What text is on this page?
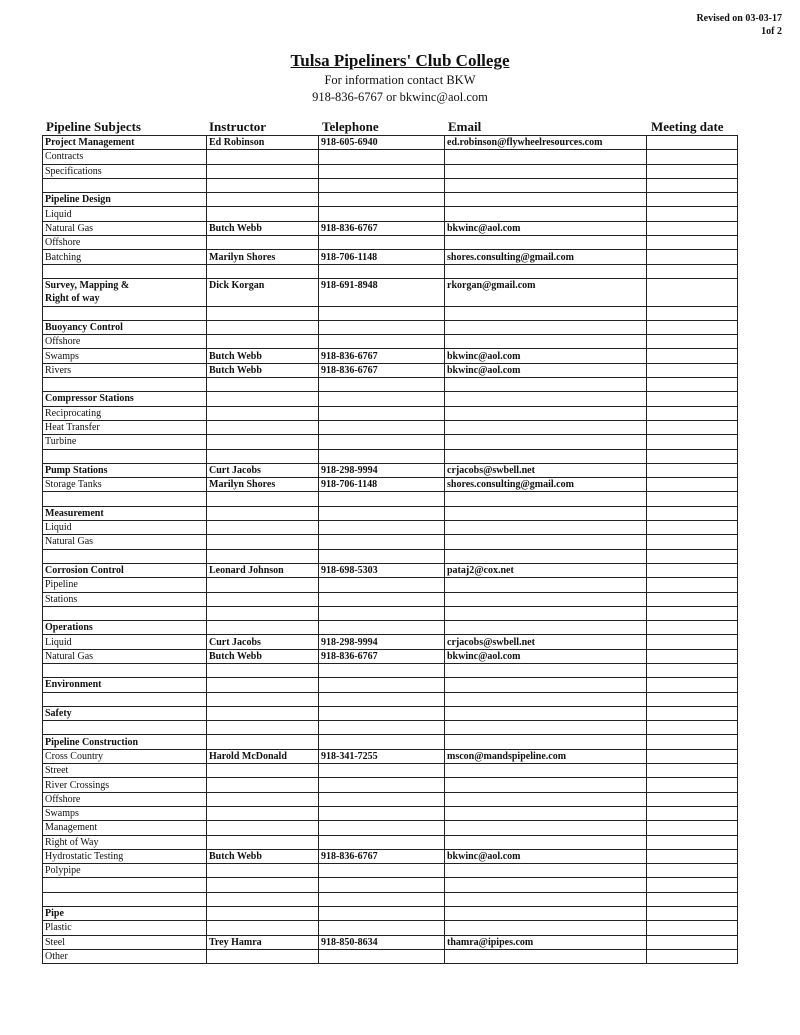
Revised on 03-03-17
1of 2
Tulsa Pipeliners' Club College
For information contact BKW
918-836-6767 or bkwinc@aol.com
Pipeline Subjects	Instructor	Telephone	Email	Meeting date
Project Management	Ed Robinson	918-605-6940	ed.robinson@flywheelresources.com	
Contracts				
Specifications				

Pipeline Design				
Liquid				
Natural Gas	Butch Webb	918-836-6767	bkwinc@aol.com	
Offshore				
Batching	Marilyn Shores	918-706-1148	shores.consulting@gmail.com	

Survey, Mapping &	Dick Korgan	918-691-8948	rkorgan@gmail.com	
Right of way				

Buoyancy Control				
Offshore				
Swamps	Butch Webb	918-836-6767	bkwinc@aol.com	
Rivers	Butch Webb	918-836-6767	bkwinc@aol.com	

Compressor Stations				
Reciprocating				
Heat Transfer				
Turbine				

Pump Stations	Curt Jacobs	918-298-9994	crjacobs@swbell.net	
Storage Tanks	Marilyn Shores	918-706-1148	shores.consulting@gmail.com	

Measurement				
Liquid				
Natural Gas				

Corrosion Control	Leonard Johnson	918-698-5303	pataj2@cox.net	
Pipeline				
Stations				

Operations				
Liquid	Curt Jacobs	918-298-9994	crjacobs@swbell.net	
Natural Gas	Butch Webb	918-836-6767	bkwinc@aol.com	

Environment				

Safety				

Pipeline Construction				
Cross Country	Harold McDonald	918-341-7255	mscon@mandspipeline.com	
Street				
River Crossings				
Offshore				
Swamps				
Management				
Right of Way				
Hydrostatic Testing	Butch Webb	918-836-6767	bkwinc@aol.com	
Polypipe				

Pipe				
Plastic				
Steel	Trey Hamra	918-850-8634	thamra@ipipes.com	
Other				
